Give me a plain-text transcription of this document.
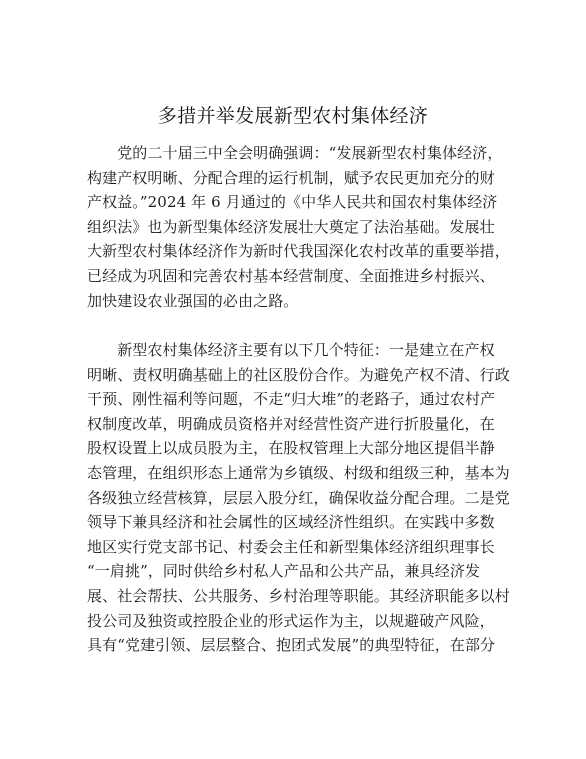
多措并举发展新型农村集体经济
　　党的二十届三中全会明确强调：“发展新型农村集体经济，
构建产权明晰、分配合理的运行机制，赋予农民更加充分的财
产权益。”2024 年 6 月通过的《中华人民共和国农村集体经济
组织法》也为新型集体经济发展壮大奠定了法治基础。发展壮
大新型农村集体经济作为新时代我国深化农村改革的重要举措，
已经成为巩固和完善农村基本经营制度、全面推进乡村振兴、
加快建设农业强国的必由之路。
　　新型农村集体经济主要有以下几个特征：一是建立在产权
明晰、责权明确基础上的社区股份合作。为避免产权不清、行政
干预、刚性福利等问题，不走“归大堆”的老路子，通过农村产
权制度改革，明确成员资格并对经营性资产进行折股量化，在
股权设置上以成员股为主，在股权管理上大部分地区提倡半静
态管理，在组织形态上通常为乡镇级、村级和组级三种，基本为
各级独立经营核算，层层入股分红，确保收益分配合理。二是党
领导下兼具经济和社会属性的区域经济性组织。在实践中多数
地区实行党支部书记、村委会主任和新型集体经济组织理事长
“一肩挑”，同时供给乡村私人产品和公共产品，兼具经济发
展、社会帮扶、公共服务、乡村治理等职能。其经济职能多以村
投公司及独资或控股企业的形式运作为主，以规避破产风险，
具有“党建引领、层层整合、抱团式发展”的典型特征，在部分
